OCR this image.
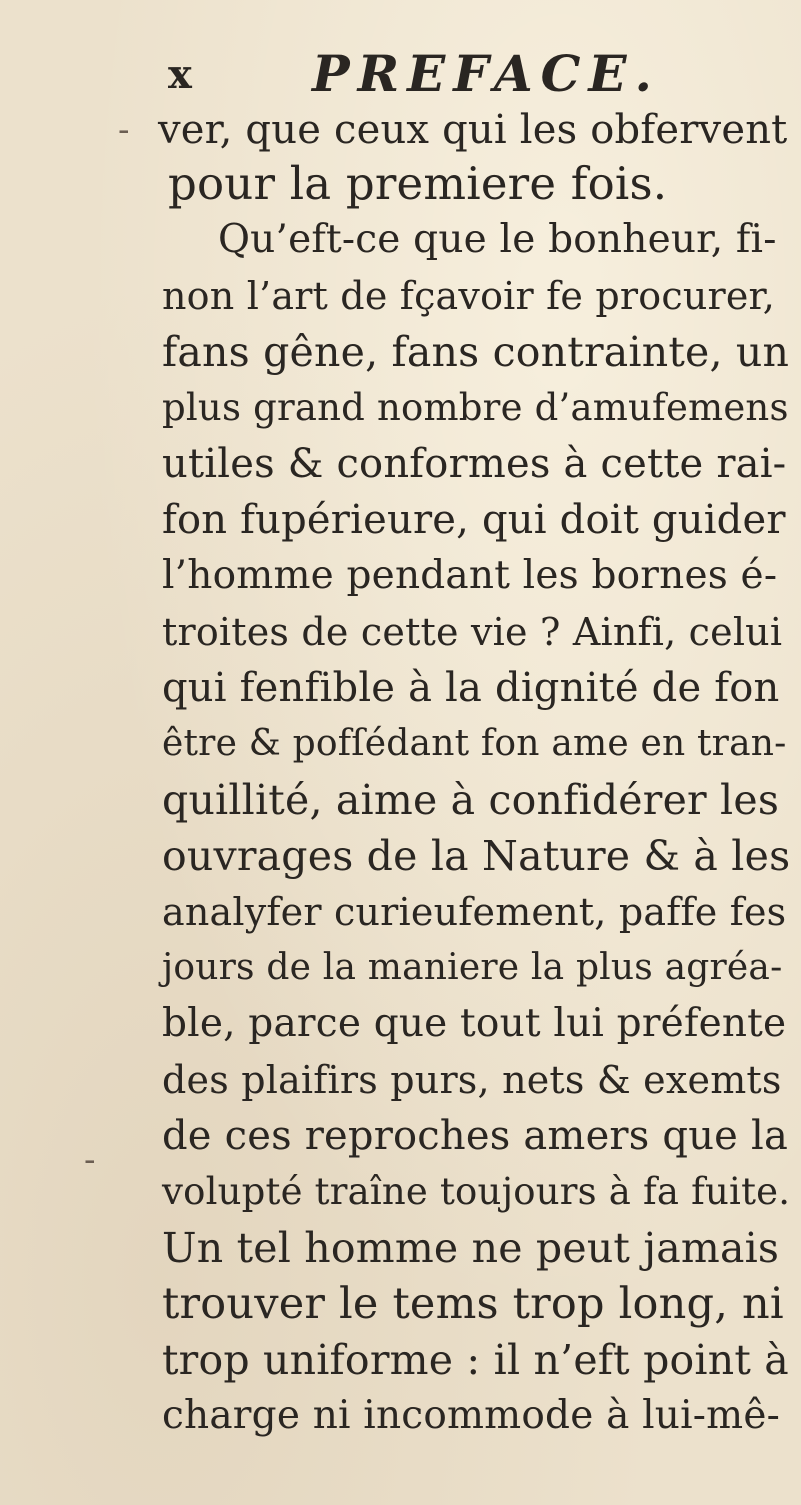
x PREFACE.
-
-
ver, que ceux qui les obfervent
pour la premiere fois.
Qu’eft-ce que le bonheur, fi-
non l’art de fçavoir fe procurer,
fans gêne, fans contrainte, un
plus grand nombre d’amufemens
utiles & conformes à cette rai-
fon fupérieure, qui doit guider
l’homme pendant les bornes é-
troites de cette vie ? Ainfi, celui
qui fenfible à la dignité de fon
être & pofſédant fon ame en tran-
quillité, aime à confidérer les
ouvrages de la Nature & à les
analyfer curieufement, paffe fes
jours de la maniere la plus agréa-
ble, parce que tout lui préfente
des plaifirs purs, nets & exemts
de ces reproches amers que la
volupté traîne toujours à fa fuite.
Un tel homme ne peut jamais
trouver le tems trop long, ni
trop uniforme : il n’eft point à
charge ni incommode à lui-mê-
